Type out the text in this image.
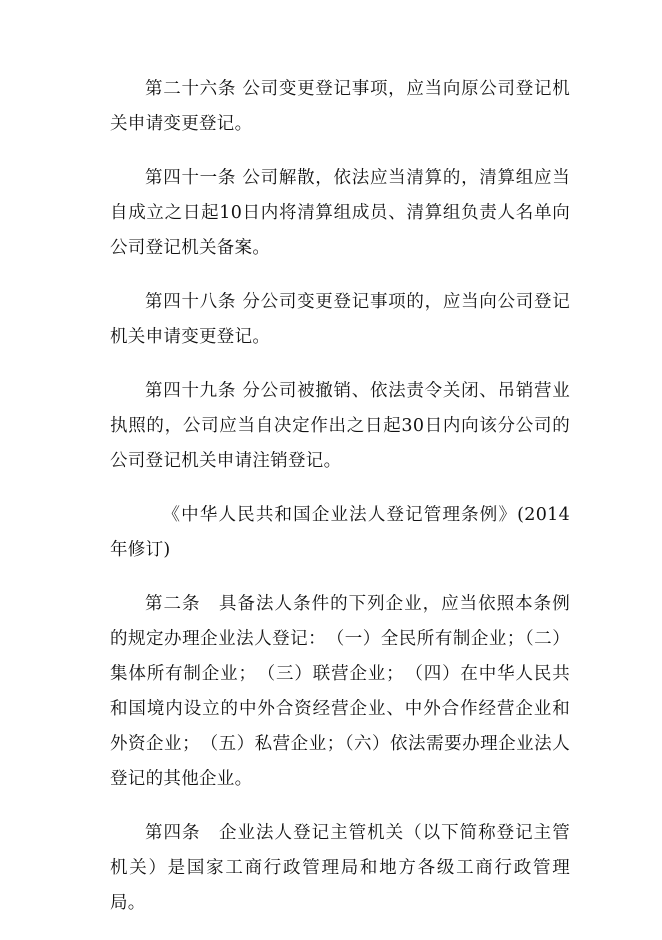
第二十六条 公司变更登记事项，应当向原公司登记机关申请变更登记。

第四十一条 公司解散，依法应当清算的，清算组应当自成立之日起10日内将清算组成员、清算组负责人名单向公司登记机关备案。

第四十八条 分公司变更登记事项的，应当向公司登记机关申请变更登记。

第四十九条 分公司被撤销、依法责令关闭、吊销营业执照的，公司应当自决定作出之日起30日内向该分公司的公司登记机关申请注销登记。

《中华人民共和国企业法人登记管理条例》(2014年修订)

第二条　具备法人条件的下列企业，应当依照本条例的规定办理企业法人登记：　（一）全民所有制企业；（二）集体所有制企业；　（三）联营企业；　（四）在中华人民共和国境内设立的中外合资经营企业、中外合作经营企业和外资企业；　（五）私营企业；（六）依法需要办理企业法人登记的其他企业。

第四条　企业法人登记主管机关（以下简称登记主管机关）是国家工商行政管理局和地方各级工商行政管理局。
